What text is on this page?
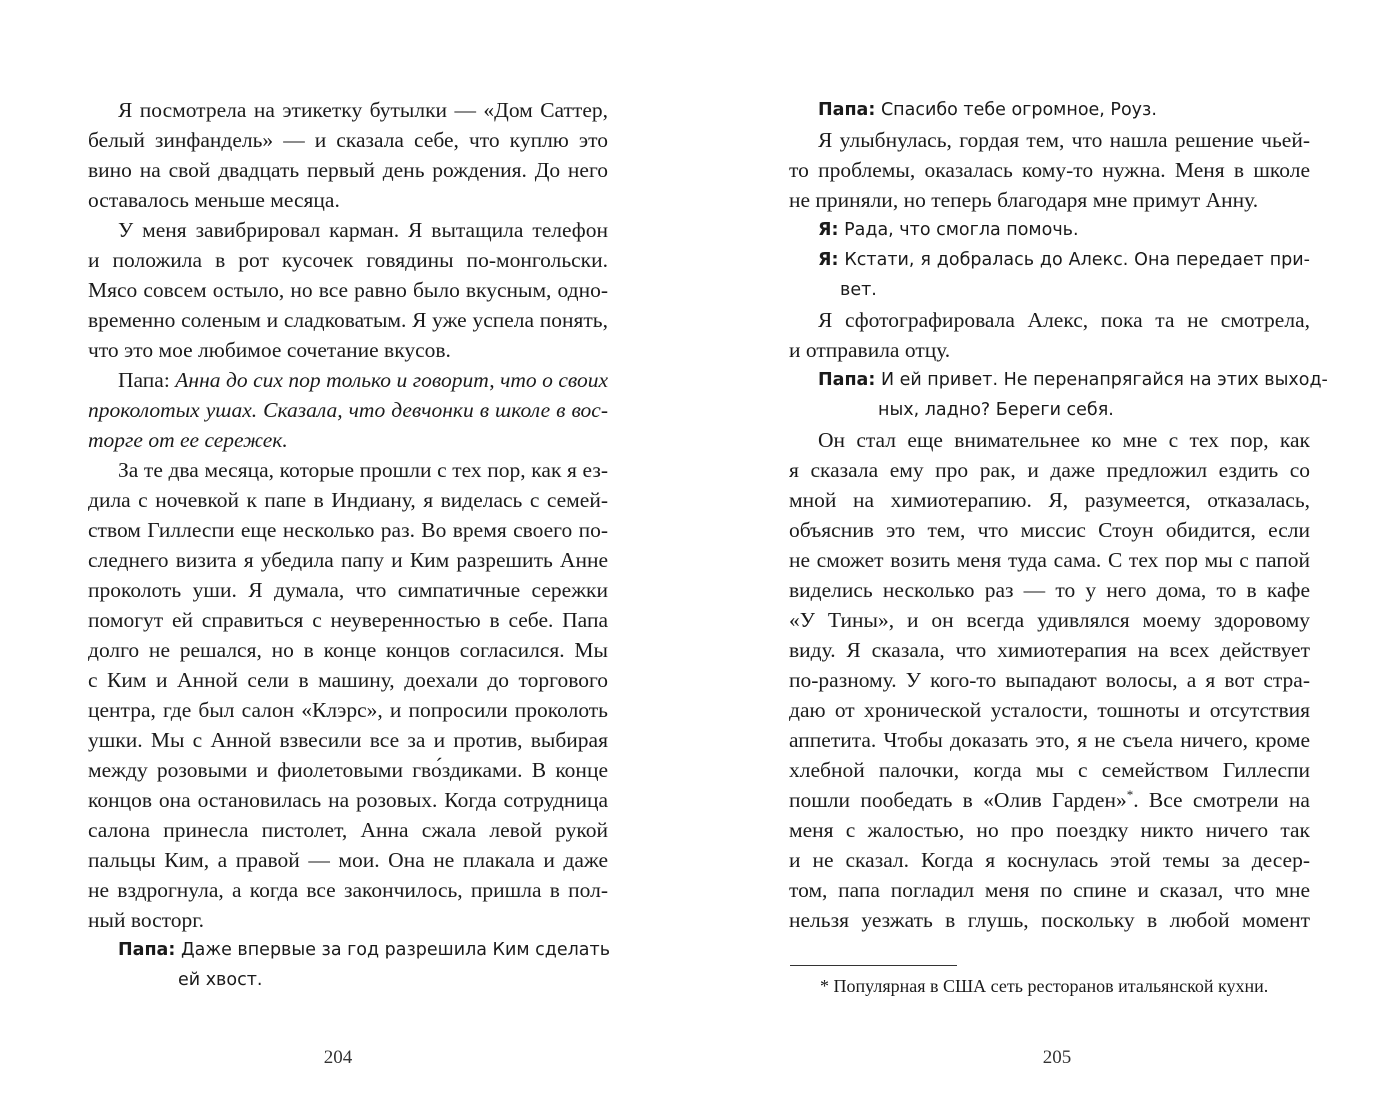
Я посмотрела на этикетку бутылки — «Дом Саттер,
белый зинфандель» — и сказала себе, что куплю это
вино на свой двадцать первый день рождения. До него
оставалось меньше месяца.
У меня завибрировал карман. Я вытащила телефон
и положила в рот кусочек говядины по-монгольски.
Мясо совсем остыло, но все равно было вкусным, одно-
временно соленым и сладковатым. Я уже успела понять,
что это мое любимое сочетание вкусов.
Папа: Анна до сих пор только и говорит, что о своих
проколотых ушах. Сказала, что девчонки в школе в вос-
торге от ее сережек.
За те два месяца, которые прошли с тех пор, как я ез-
дила с ночевкой к папе в Индиану, я виделась с семей-
ством Гиллеспи еще несколько раз. Во время своего по-
следнего визита я убедила папу и Ким разрешить Анне
проколоть уши. Я думала, что симпатичные сережки
помогут ей справиться с неуверенностью в себе. Папа
долго не решался, но в конце концов согласился. Мы
с Ким и Анной сели в машину, доехали до торгового
центра, где был салон «Клэрс», и попросили проколоть
ушки. Мы с Анной взвесили все за и против, выбирая
между розовыми и фиолетовыми гво́здиками. В конце
концов она остановилась на розовых. Когда сотрудница
салона принесла пистолет, Анна сжала левой рукой
пальцы Ким, а правой — мои. Она не плакала и даже
не вздрогнула, а когда все закончилось, пришла в пол-
ный восторг.
Папа: Даже впервые за год разрешила Ким сделать
ей хвост.
204
Папа: Спасибо тебе огромное, Роуз.
Я улыбнулась, гордая тем, что нашла решение чьей-
то проблемы, оказалась кому-то нужна. Меня в школе
не приняли, но теперь благодаря мне примут Анну.
Я: Рада, что смогла помочь.
Я: Кстати, я добралась до Алекс. Она передает при-
вет.
Я сфотографировала Алекс, пока та не смотрела,
и отправила отцу.
Папа: И ей привет. Не перенапрягайся на этих выход-
ных, ладно? Береги себя.
Он стал еще внимательнее ко мне с тех пор, как
я сказала ему про рак, и даже предложил ездить со
мной на химиотерапию. Я, разумеется, отказалась,
объяснив это тем, что миссис Стоун обидится, если
не сможет возить меня туда сама. С тех пор мы с папой
виделись несколько раз — то у него дома, то в кафе
«У Тины», и он всегда удивлялся моему здоровому
виду. Я сказала, что химиотерапия на всех действует
по-разному. У кого-то выпадают волосы, а я вот стра-
даю от хронической усталости, тошноты и отсутствия
аппетита. Чтобы доказать это, я не съела ничего, кроме
хлебной палочки, когда мы с семейством Гиллеспи
пошли пообедать в «Олив Гарден»*. Все смотрели на
меня с жалостью, но про поездку никто ничего так
и не сказал. Когда я коснулась этой темы за десер-
том, папа погладил меня по спине и сказал, что мне
нельзя уезжать в глушь, поскольку в любой момент
* Популярная в США сеть ресторанов итальянской кухни.
205
